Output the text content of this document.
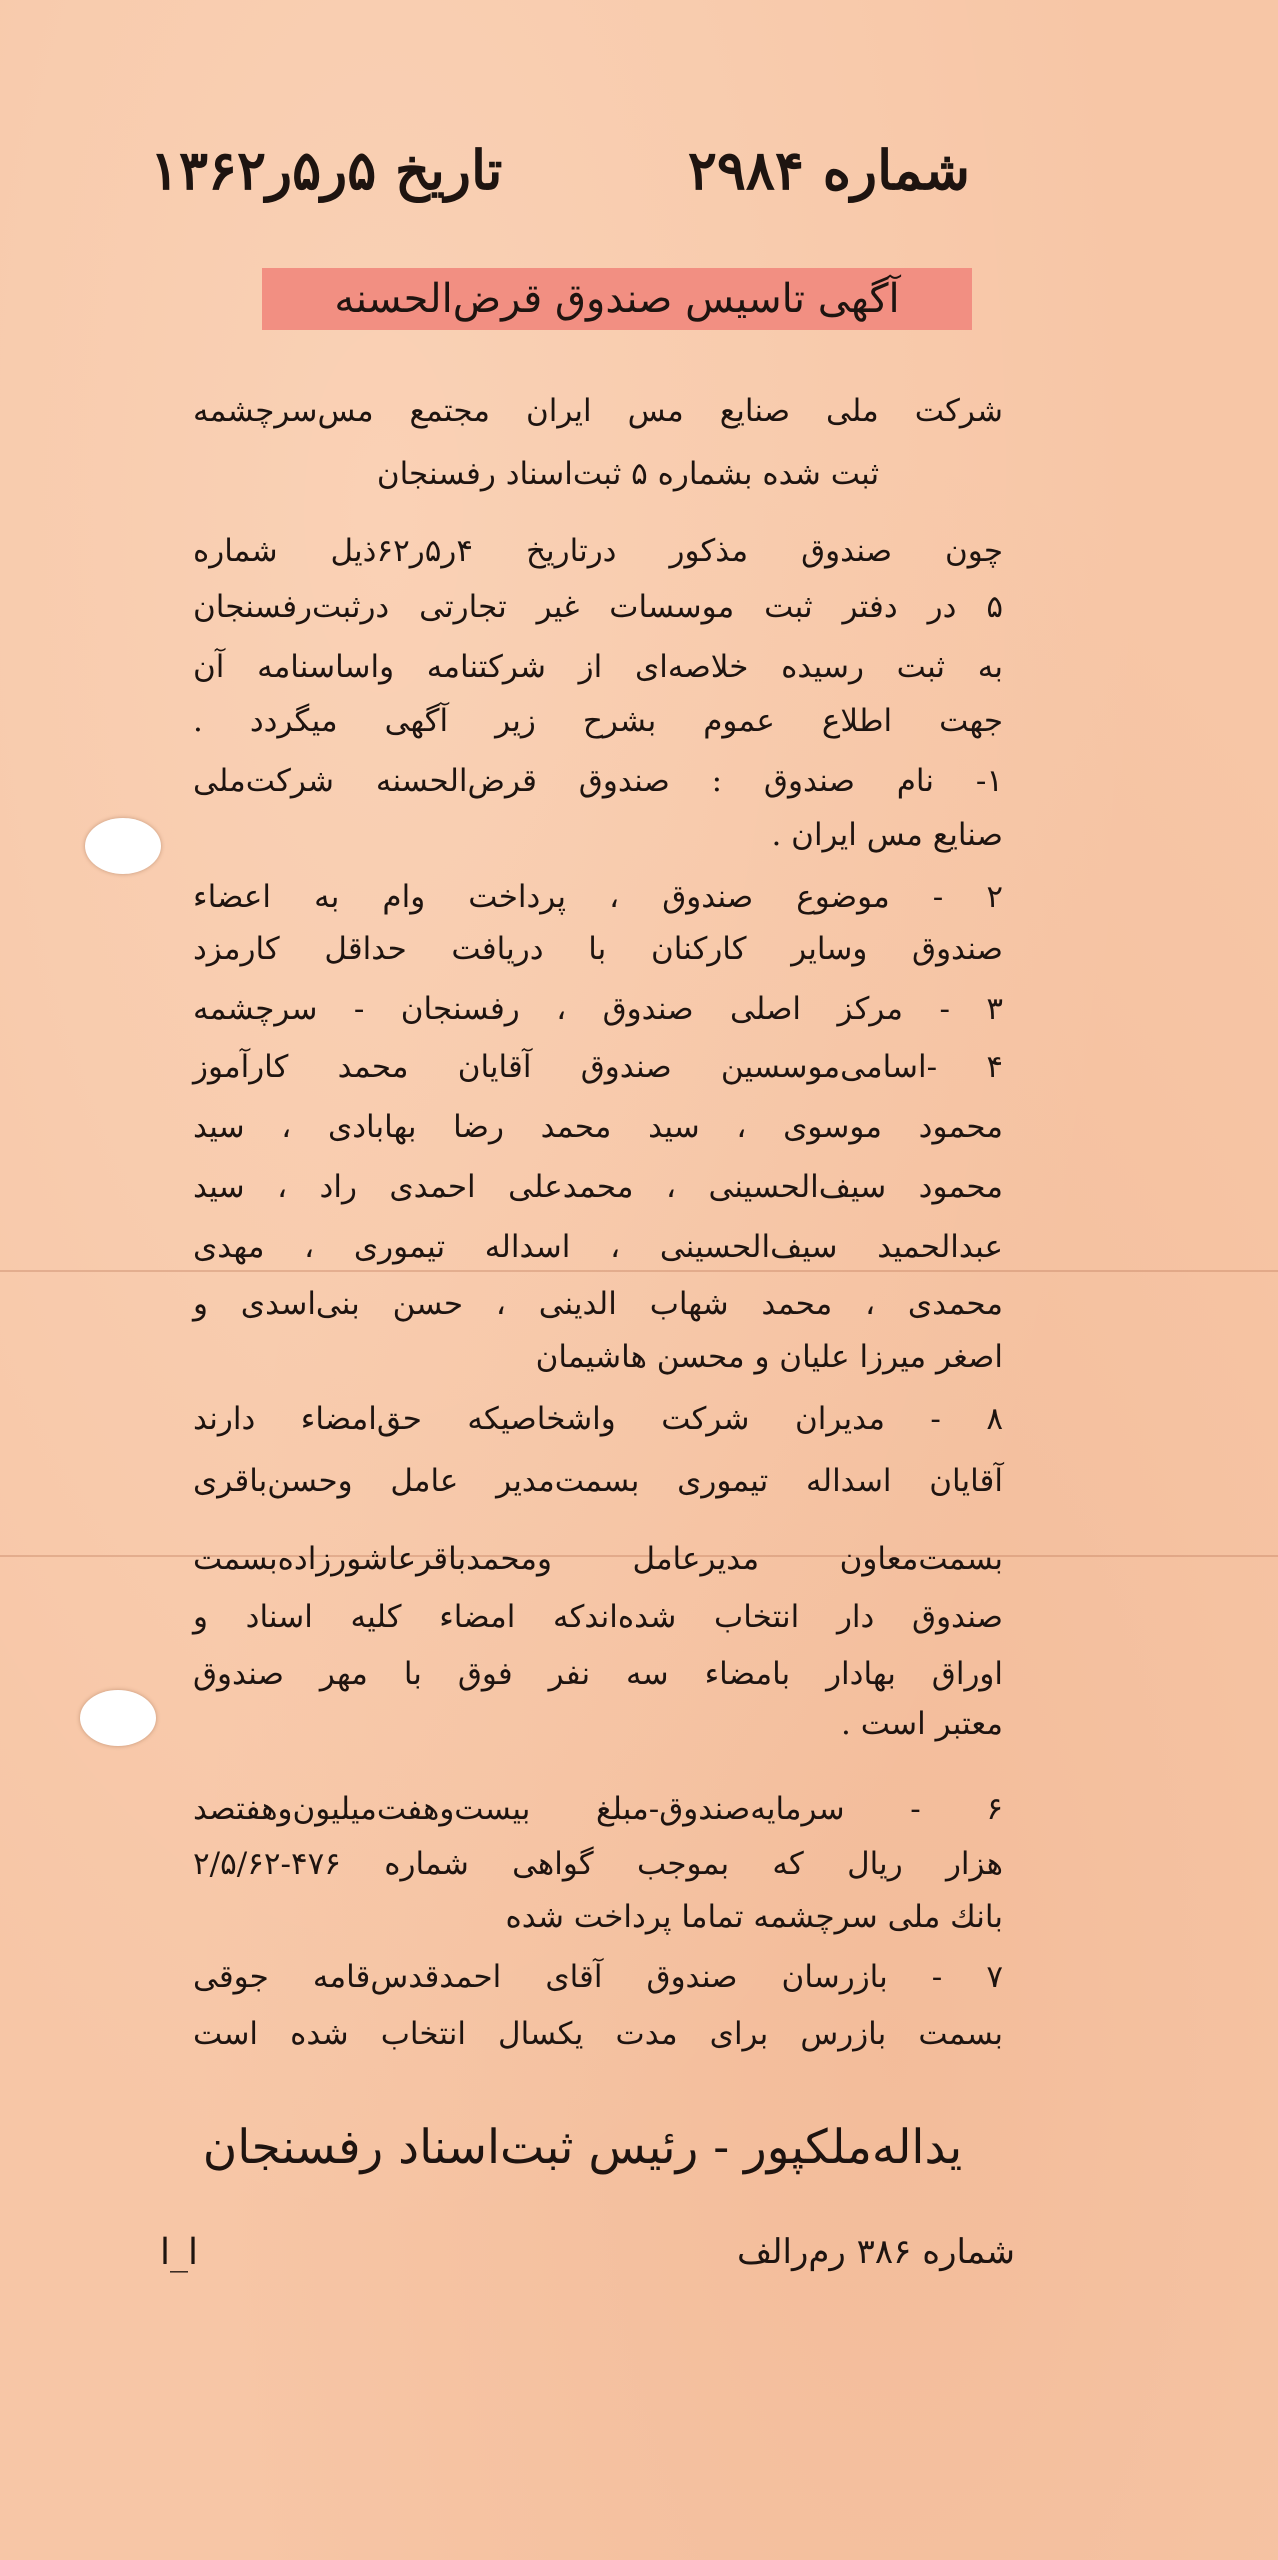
شماره ۲۹۸۴
تاریخ ۵ر۵ر۱۳۶۲
آگهی تاسیس صندوق قرض‌الحسنه
شرکت ملی صنایع مس ایران مجتمع مس‌سرچشمه
ثبت شده بشماره ۵ ثبت‌اسناد رفسنجان
چون صندوق مذکور درتاریخ ۴ر۵ر۶۲ذیل شماره
۵ در دفتر ثبت موسسات غیر تجارتی درثبت‌رفسنجان
به ثبت رسیده خلاصه‌ای از شرکتنامه واساسنامه آن
جهت اطلاع عموم بشرح زیر آگهی میگردد .
۱- نام صندوق : صندوق قرض‌الحسنه شرکت‌ملی
صنایع مس ایران .
۲ - موضوع صندوق ، پرداخت وام به اعضاء
صندوق وسایر کارکنان با دریافت حداقل کارمزد
۳ - مرکز اصلی صندوق ، رفسنجان - سرچشمه
۴ -اسامی‌موسسین صندوق آقایان محمد کارآموز
محمود موسوی ، سید محمد رضا بهابادی ، سید
محمود سیف‌الحسینی ، محمدعلی احمدی راد ، سید
عبدالحمید سیف‌الحسینی ، اسداله تیموری ، مهدی
محمدی ، محمد شهاب الدینی ، حسن بنی‌اسدی و
اصغر میرزا علیان و محسن هاشیمان
۸ - مدیران شرکت واشخاصیکه حق‌امضاء دارند
آقایان اسداله تیموری بسمت‌مدیر عامل وحسن‌باقری
بسمت‌معاون مدیرعامل ومحمدباقرعاشورزاده‌بسمت
صندوق دار انتخاب شده‌اندکه امضاء کلیه اسناد و
اوراق بهادار بامضاء سه نفر فوق با مهر صندوق
معتبر است .
۶ - سرمایه‌صندوق-مبلغ بیست‌وهفت‌میلیون‌وهفتصد
هزار ریال که بموجب گواهی شماره ۴۷۶-۲/۵/۶۲
بانك ملی سرچشمه تماما پرداخت شده
۷ - بازرسان صندوق آقای احمدقدس‌قامه جوقی
بسمت بازرس برای مدت یکسال انتخاب شده است
یداله‌ملکپور - رئیس ثبت‌اسناد رفسنجان
شماره ۳۸۶ رم‌رالف
ا_ا
